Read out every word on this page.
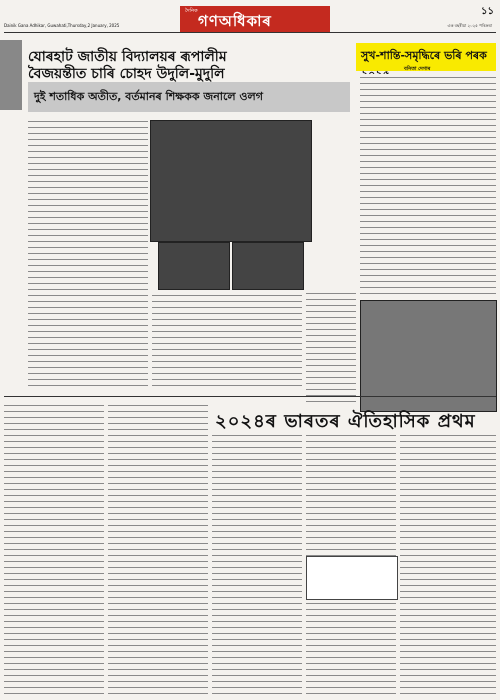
Dainik Gana Adhikar, Guwahati,Thursday,2 January, 2025
দৈনিক
গণঅধিকাৰ	এক বছৰীয়া ২০২৫ পৰিক্ৰমা
১১
যোৰহাট জাতীয় বিদ্যালয়ৰ ৰূপালীম
বৈজয়ন্তীত চাৰি চোহদ উদুলি-মুদুলি
দুই শতাধিক অতীত, বৰ্তমানৰ শিক্ষকক জনালে ওলগ
সুখ-শান্তি-সমৃদ্ধিৰে ভৰি পৰক
বনিতা দেগাৰ
২০২৪ৰ ভাৰতৰ ঐতিহাসিক প্ৰথম
